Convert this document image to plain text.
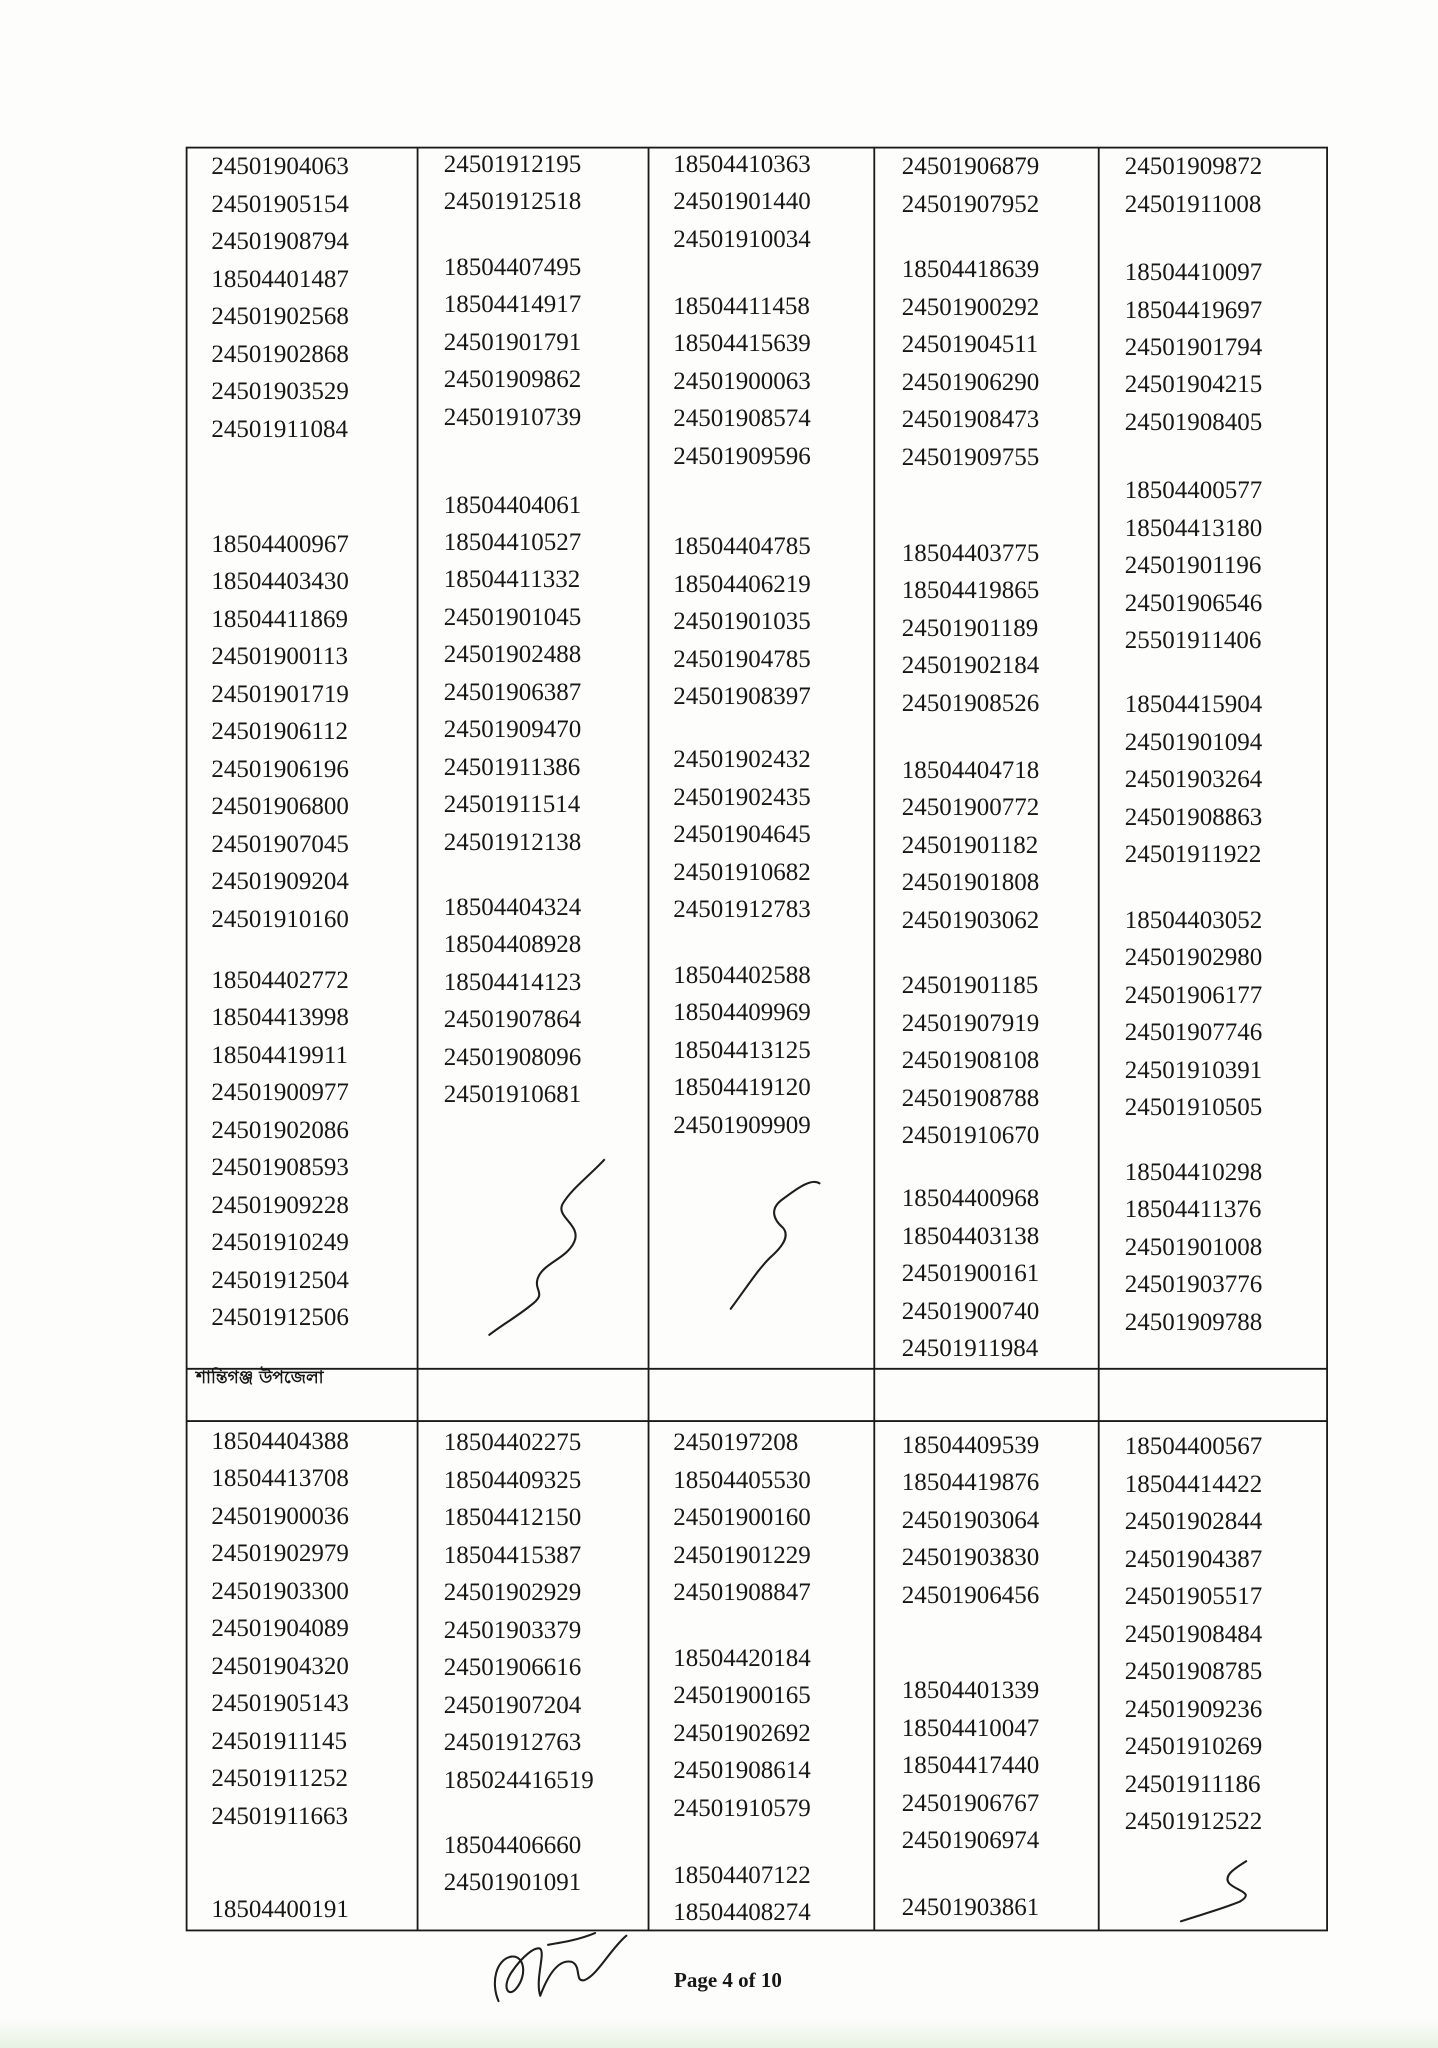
24501904063
24501905154
24501908794
18504401487
24501902568
24501902868
24501903529
24501911084
18504400967
18504403430
18504411869
24501900113
24501901719
24501906112
24501906196
24501906800
24501907045
24501909204
24501910160
18504402772
18504413998
18504419911
24501900977
24501902086
24501908593
24501909228
24501910249
24501912504
24501912506
24501912195
24501912518
18504407495
18504414917
24501901791
24501909862
24501910739
18504404061
18504410527
18504411332
24501901045
24501902488
24501906387
24501909470
24501911386
24501911514
24501912138
18504404324
18504408928
18504414123
24501907864
24501908096
24501910681
18504410363
24501901440
24501910034
18504411458
18504415639
24501900063
24501908574
24501909596
18504404785
18504406219
24501901035
24501904785
24501908397
24501902432
24501902435
24501904645
24501910682
24501912783
18504402588
18504409969
18504413125
18504419120
24501909909
24501906879
24501907952
18504418639
24501900292
24501904511
24501906290
24501908473
24501909755
18504403775
18504419865
24501901189
24501902184
24501908526
18504404718
24501900772
24501901182
24501901808
24501903062
24501901185
24501907919
24501908108
24501908788
24501910670
18504400968
18504403138
24501900161
24501900740
24501911984
24501909872
24501911008
18504410097
18504419697
24501901794
24501904215
24501908405
18504400577
18504413180
24501901196
24501906546
25501911406
18504415904
24501901094
24501903264
24501908863
24501911922
18504403052
24501902980
24501906177
24501907746
24501910391
24501910505
18504410298
18504411376
24501901008
24501903776
24501909788
18504404388
18504413708
24501900036
24501902979
24501903300
24501904089
24501904320
24501905143
24501911145
24501911252
24501911663
18504400191
18504402275
18504409325
18504412150
18504415387
24501902929
24501903379
24501906616
24501907204
24501912763
185024416519
18504406660
24501901091
2450197208
18504405530
24501900160
24501901229
24501908847
18504420184
24501900165
24501902692
24501908614
24501910579
18504407122
18504408274
18504409539
18504419876
24501903064
24501903830
24501906456
18504401339
18504410047
18504417440
24501906767
24501906974
24501903861
18504400567
18504414422
24501902844
24501904387
24501905517
24501908484
24501908785
24501909236
24501910269
24501911186
24501912522
শান্তিগঞ্জ উপজেলা
Page 4 of 10
